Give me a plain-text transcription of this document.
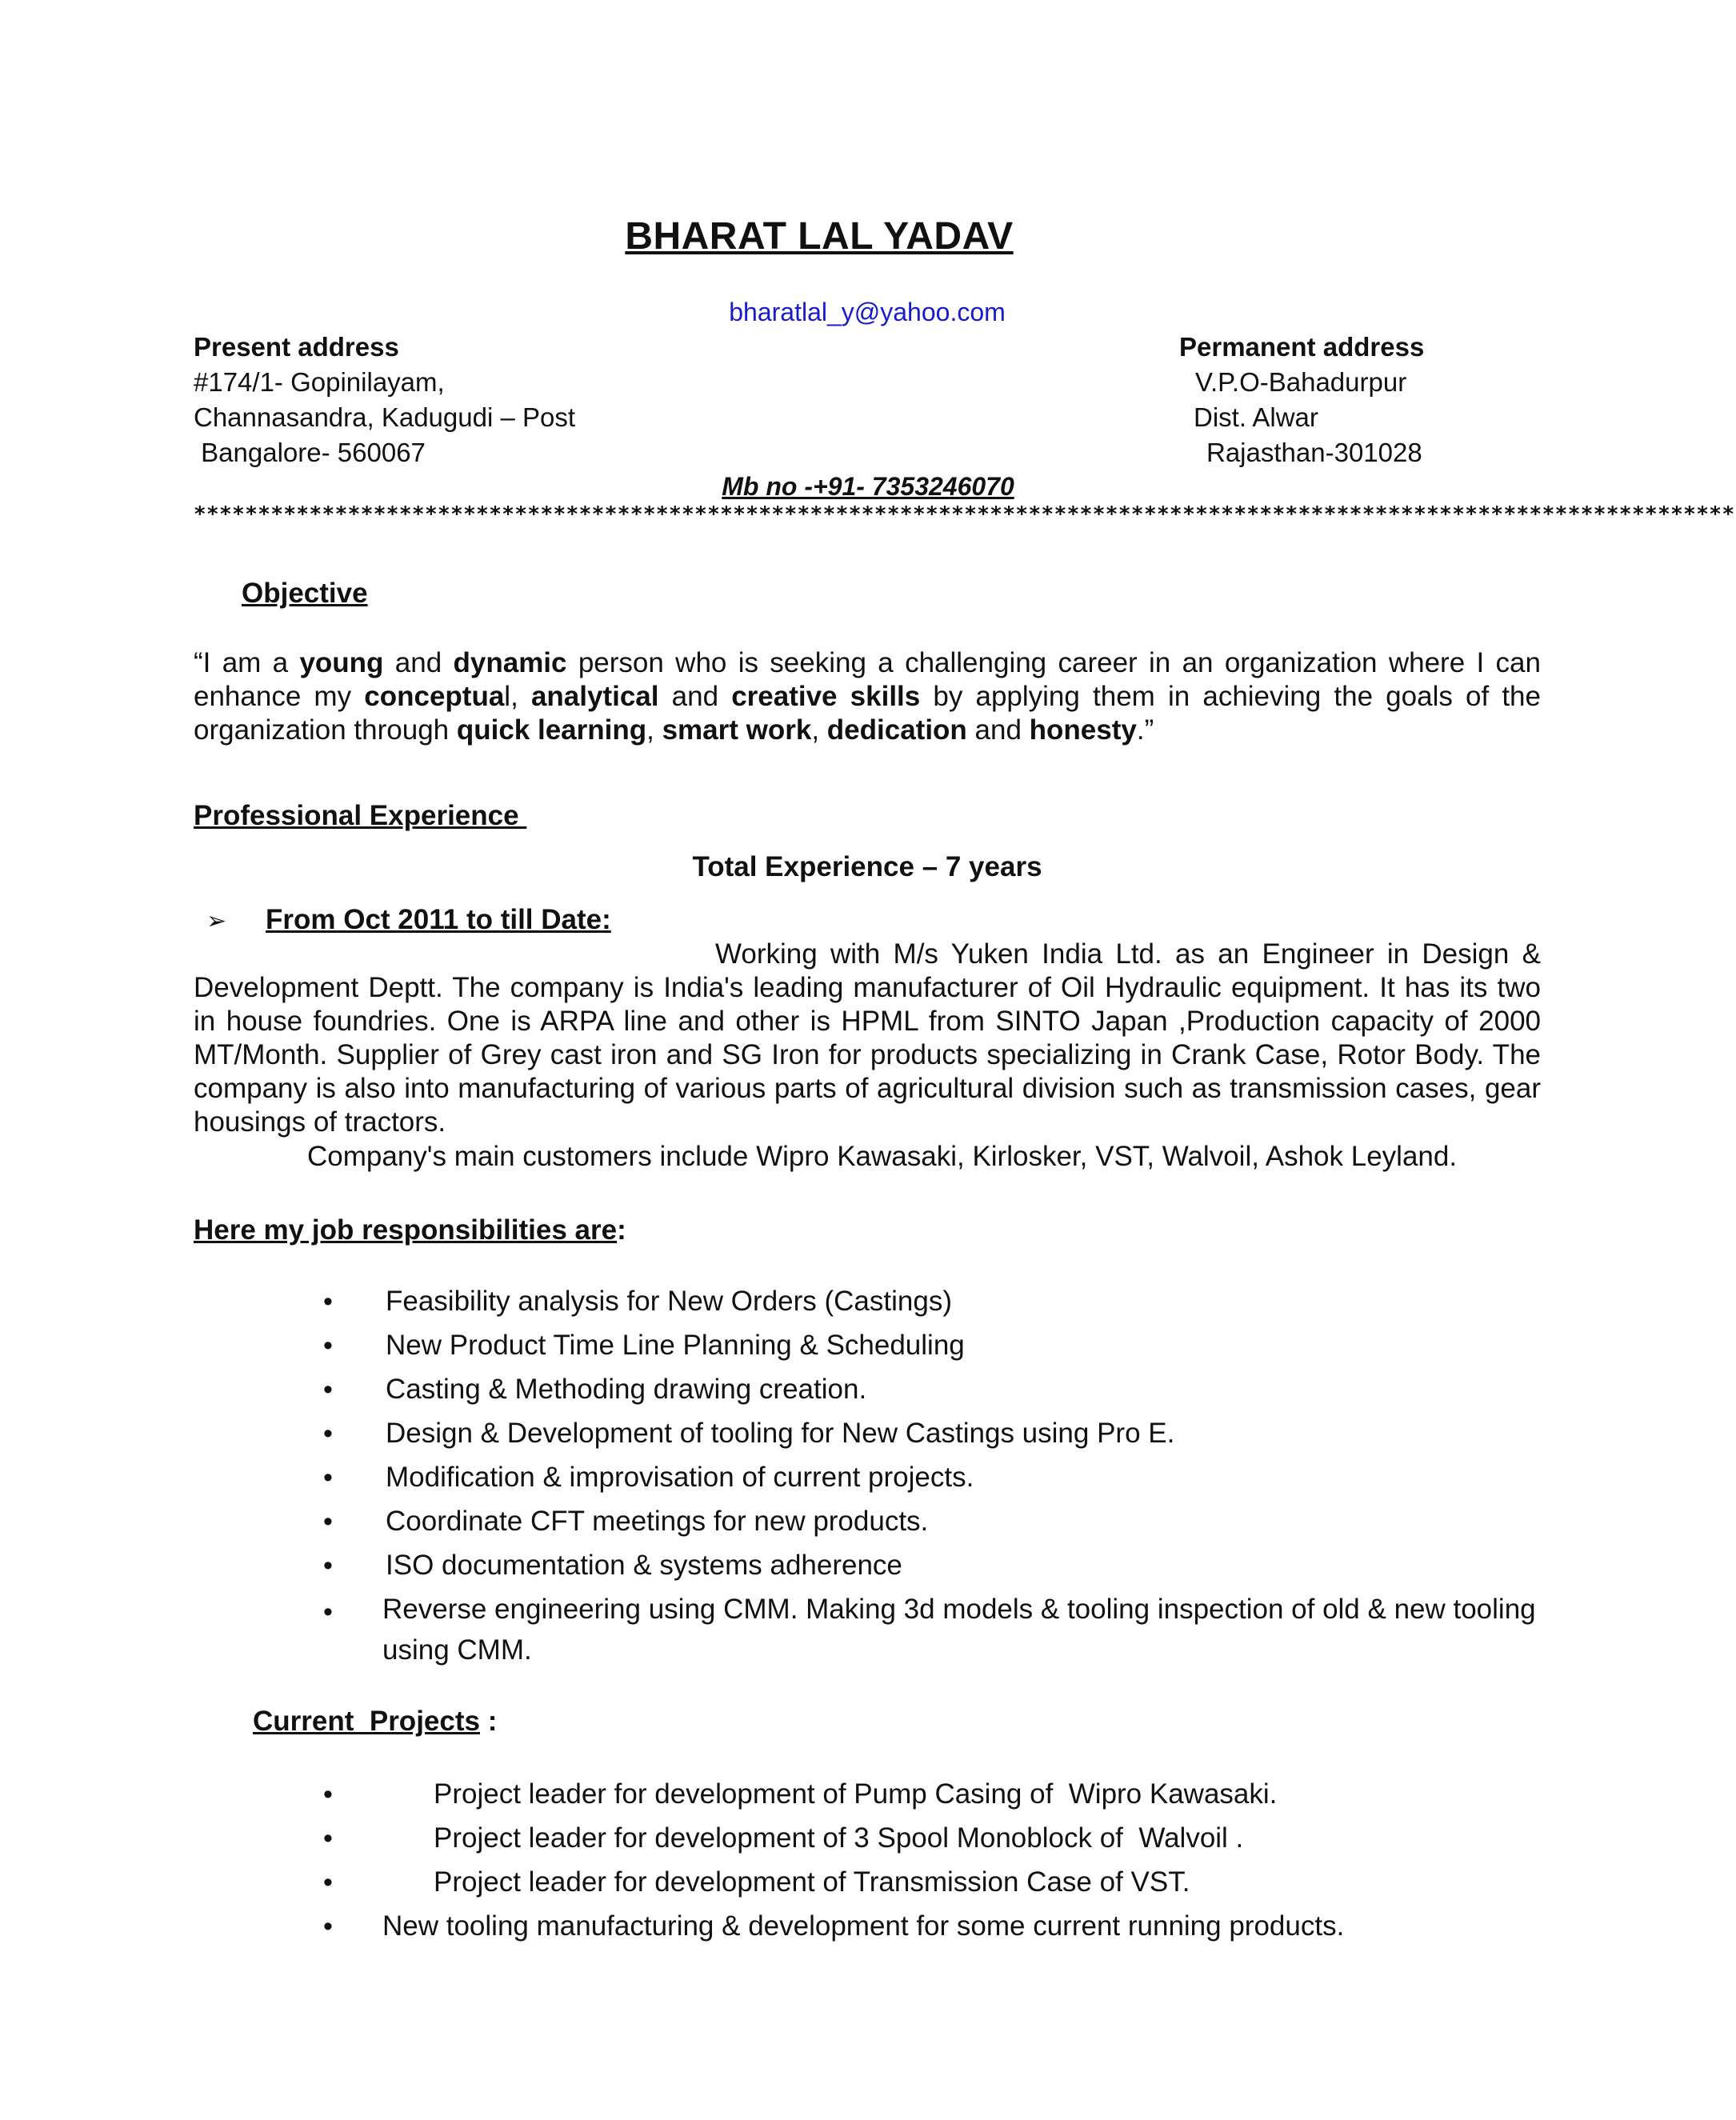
BHARAT LAL YADAV
bharatlal_y@yahoo.com
Present address
#174/1- Gopinilayam,
Channasandra, Kadugudi – Post
Bangalore- 560067
Permanent address
V.P.O-Bahadurpur
Dist. Alwar
Rajasthan-301028
Mb no -+91- 7353246070
************************************************************************************************************************
Objective
“I am a young and dynamic person who is seeking a challenging career in an organization where I can enhance my conceptual, analytical and creative skills by applying them in achieving the goals of the organization through quick learning, smart work, dedication and honesty.”
Professional Experience
Total Experience – 7 years
➢ From Oct 2011 to till Date:
Working with M/s Yuken India Ltd. as an Engineer in Design & Development Deptt. The company is India's leading manufacturer of Oil Hydraulic equipment. It has its two in house foundries. One is ARPA line and other is HPML from SINTO Japan ,Production capacity of 2000 MT/Month. Supplier of Grey cast iron and SG Iron for products specializing in Crank Case, Rotor Body. The company is also into manufacturing of various parts of agricultural division such as transmission cases, gear housings of tractors.
Company's main customers include Wipro Kawasaki, Kirlosker, VST, Walvoil, Ashok Leyland.
Here my job responsibilities are:
• Feasibility analysis for New Orders (Castings)
• New Product Time Line Planning & Scheduling
• Casting & Methoding drawing creation.
• Design & Development of tooling for New Castings using Pro E.
• Modification & improvisation of current projects.
• Coordinate CFT meetings for new products.
• ISO documentation & systems adherence
• Reverse engineering using CMM. Making 3d models & tooling inspection of old & new tooling using CMM.
Current  Projects :
•	Project leader for development of Pump Casing of  Wipro Kawasaki.
•	Project leader for development of 3 Spool Monoblock of  Walvoil .
•	Project leader for development of Transmission Case of VST.
• New tooling manufacturing & development for some current running products.
